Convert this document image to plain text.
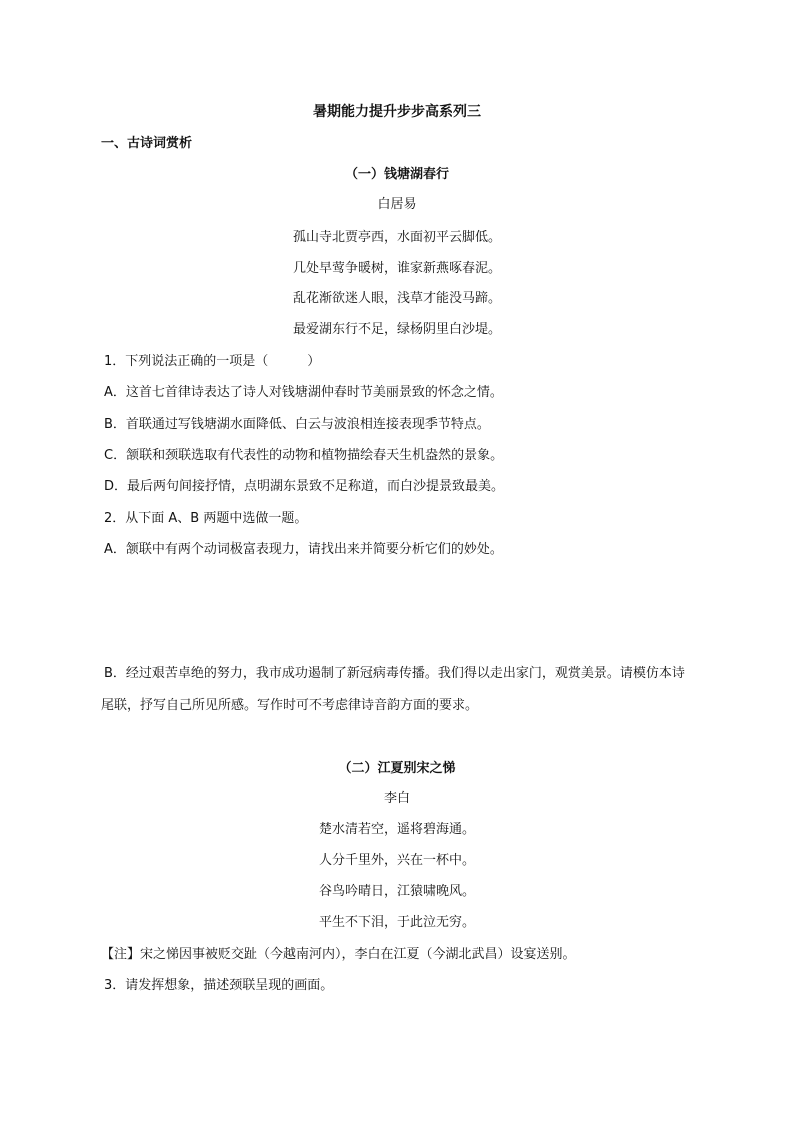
暑期能力提升步步高系列三
一、古诗词赏析
（一）钱塘湖春行
白居易
孤山寺北贾亭西，水面初平云脚低。
几处早莺争暖树，谁家新燕啄春泥。
乱花渐欲迷人眼，浅草才能没马蹄。
最爱湖东行不足，绿杨阴里白沙堤。
1．下列说法正确的一项是（　　　）
A．这首七首律诗表达了诗人对钱塘湖仲春时节美丽景致的怀念之情。
B．首联通过写钱塘湖水面降低、白云与波浪相连接表现季节特点。
C．颔联和颈联选取有代表性的动物和植物描绘春天生机盎然的景象。
D．最后两句间接抒情，点明湖东景致不足称道，而白沙提景致最美。
2．从下面 A、B 两题中选做一题。
A．颔联中有两个动词极富表现力，请找出来并简要分析它们的妙处。
B．经过艰苦卓绝的努力，我市成功遏制了新冠病毒传播。我们得以走出家门，观赏美景。请模仿本诗
尾联，抒写自己所见所感。写作时可不考虑律诗音韵方面的要求。
（二）江夏别宋之悌
李白
楚水清若空，遥将碧海通。
人分千里外，兴在一杯中。
谷鸟吟晴日，江猿啸晚风。
平生不下泪，于此泣无穷。
【注】宋之悌因事被贬交趾（今越南河内），李白在江夏（今湖北武昌）设宴送别。
3．请发挥想象，描述颈联呈现的画面。
